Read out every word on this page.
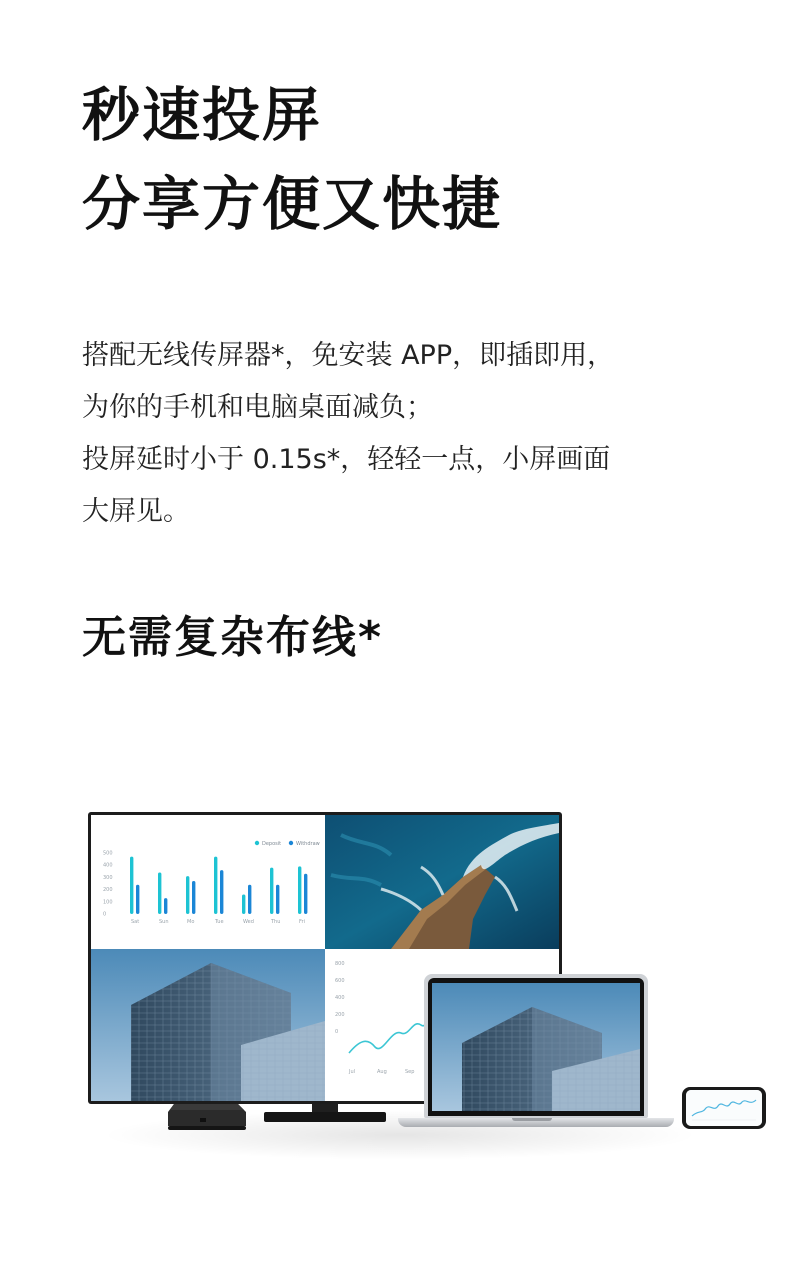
秒速投屏
分享方便又快捷
搭配无线传屏器*，免安装 APP，即插即用，
为你的手机和电脑桌面减负；
投屏延时小于 0.15s*，轻轻一点，小屏画面
大屏见。
无需复杂布线*
Deposit	Withdraw
500
400
300
200
100
0
Sat	Sun	Mo	Tue	Wed	Thu	Fri
800
600
400
200
0
Jul	Aug	Sep
